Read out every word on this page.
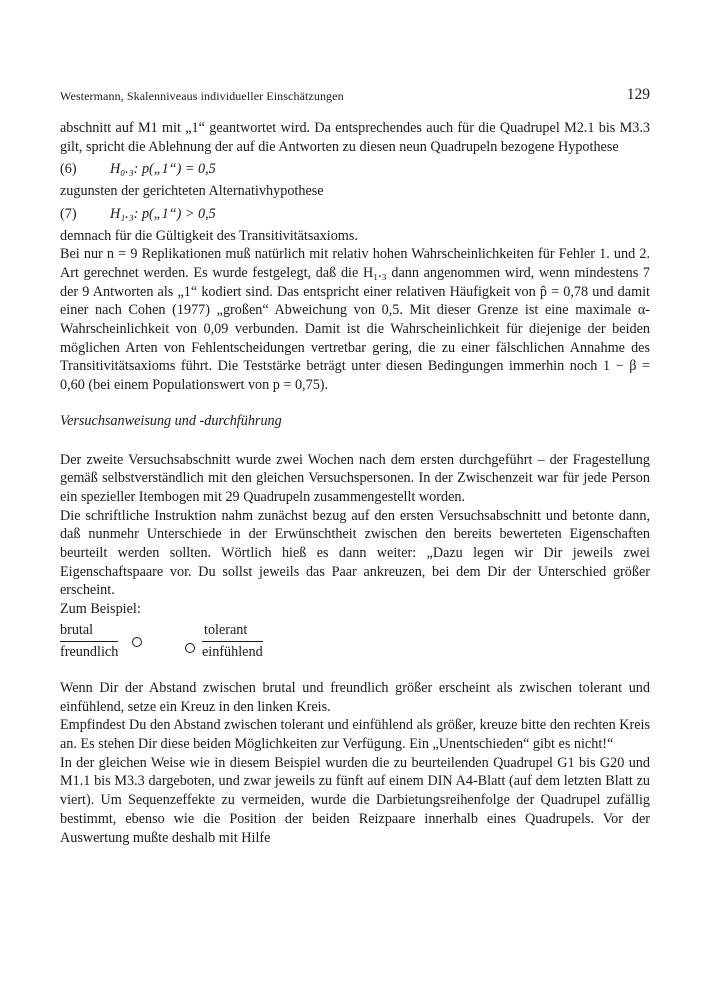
Westermann, Skalenniveaus individueller Einschätzungen	129

abschnitt auf M1 mit „1“ geantwortet wird. Da entsprechendes auch für die Quadrupel M2.1 bis M3.3 gilt, spricht die Ablehnung der auf die Antworten zu diesen neun Quadrupeln bezogene Hypothese

(6)	H₀.₃: p(„1“) = 0,5

zugunsten der gerichteten Alternativhypothese

(7)	H₁.₃: p(„1“) > 0,5

demnach für die Gültigkeit des Transitivitätsaxioms.

Bei nur n = 9 Replikationen muß natürlich mit relativ hohen Wahrscheinlichkeiten für Fehler 1. und 2. Art gerechnet werden. Es wurde festgelegt, daß die H₁.₃ dann angenommen wird, wenn mindestens 7 der 9 Antworten als „1“ kodiert sind. Das entspricht einer relativen Häufigkeit von p̂ = 0,78 und damit einer nach Cohen (1977) „großen“ Abweichung von 0,5. Mit dieser Grenze ist eine maximale α-Wahrscheinlichkeit von 0,09 verbunden. Damit ist die Wahrscheinlichkeit für diejenige der beiden möglichen Arten von Fehlentscheidungen vertretbar gering, die zu einer fälschlichen Annahme des Transitivitätsaxioms führt. Die Teststärke beträgt unter diesen Bedingungen immerhin noch 1 − β = 0,60 (bei einem Populationswert von p = 0,75).

Versuchsanweisung und -durchführung

Der zweite Versuchsabschnitt wurde zwei Wochen nach dem ersten durchgeführt – der Fragestellung gemäß selbstverständlich mit den gleichen Versuchspersonen. In der Zwischenzeit war für jede Person ein spezieller Itembogen mit 29 Quadrupeln zusammengestellt worden.

Die schriftliche Instruktion nahm zunächst bezug auf den ersten Versuchsabschnitt und betonte dann, daß nunmehr Unterschiede in der Erwünschtheit zwischen den bereits bewerteten Eigenschaften beurteilt werden sollten. Wörtlich hieß es dann weiter: „Dazu legen wir Dir jeweils zwei Eigenschaftspaare vor. Du sollst jeweils das Paar ankreuzen, bei dem Dir der Unterschied größer erscheint.

Zum Beispiel:

brutal
freundlich
tolerant
einfühlend

Wenn Dir der Abstand zwischen brutal und freundlich größer erscheint als zwischen tolerant und einfühlend, setze ein Kreuz in den linken Kreis.

Empfindest Du den Abstand zwischen tolerant und einfühlend als größer, kreuze bitte den rechten Kreis an. Es stehen Dir diese beiden Möglichkeiten zur Verfügung. Ein „Unentschieden“ gibt es nicht!“

In der gleichen Weise wie in diesem Beispiel wurden die zu beurteilenden Quadrupel G1 bis G20 und M1.1 bis M3.3 dargeboten, und zwar jeweils zu fünft auf einem DIN A4-Blatt (auf dem letzten Blatt zu viert). Um Sequenzeffekte zu vermeiden, wurde die Darbietungsreihenfolge der Quadrupel zufällig bestimmt, ebenso wie die Position der beiden Reizpaare innerhalb eines Quadrupels. Vor der Auswertung mußte deshalb mit Hilfe
